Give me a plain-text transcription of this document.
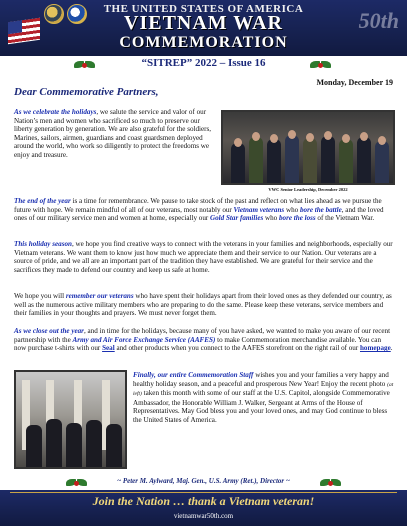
THE UNITED STATES OF AMERICA
VIETNAM WAR
COMMEMORATION
50th
“SITREP” 2022 – Issue 16
Monday, December 19
Dear Commemorative Partners,
As we celebrate the holidays, we salute the service and valor of our Nation’s men and women who sacrificed so much to preserve our liberty generation by generation. We are also grateful for the soldiers, Marines, sailors, airmen, guardians and coast guardsmen deployed around the world, who work so diligently to protect the freedoms we enjoy and treasure.
VWC Senior Leadership, December 2022
The end of the year is a time for remembrance. We pause to take stock of the past and reflect on what lies ahead as we pursue the future with hope. We remain mindful of all of our veterans, most notably our Vietnam veterans who bore the battle, and the loved ones of our military service men and women at home, especially our Gold Star families who bore the loss of the Vietnam War.
This holiday season, we hope you find creative ways to connect with the veterans in your families and neighborhoods, especially our Vietnam veterans. We want them to know just how much we appreciate them and their service to our Nation. Our veterans are a source of pride, and we all are an important part of the tradition they have established. We are grateful for their service and the sacrifices they made to defend our country and keep us safe at home.
We hope you will remember our veterans who have spent their holidays apart from their loved ones as they defended our country, as well as the numerous active military members who are preparing to do the same. Please keep these veterans, service members and their families in your thoughts and prayers. We must never forget them.
As we close out the year, and in time for the holidays, because many of you have asked, we wanted to make you aware of our recent partnership with the Army and Air Force Exchange Service (AAFES) to make Commemoration merchandise available. You can now purchase t-shirts with our Seal and other products when you connect to the AAFES storefront on the right rail of our homepage.
Finally, our entire Commemoration Staff wishes you and your families a very happy and healthy holiday season, and a peaceful and prosperous New Year! Enjoy the recent photo (at left) taken this month with some of our staff at the U.S. Capitol, alongside Commemorative Ambassador, the Honorable William J. Walker, Sergeant at Arms of the House of Representatives. May God bless you and your loved ones, and may God continue to bless the United States of America.
~ Peter M. Aylward, Maj. Gen., U.S. Army (Ret.), Director ~
Join the Nation … thank a Vietnam veteran!
vietnamwar50th.com
